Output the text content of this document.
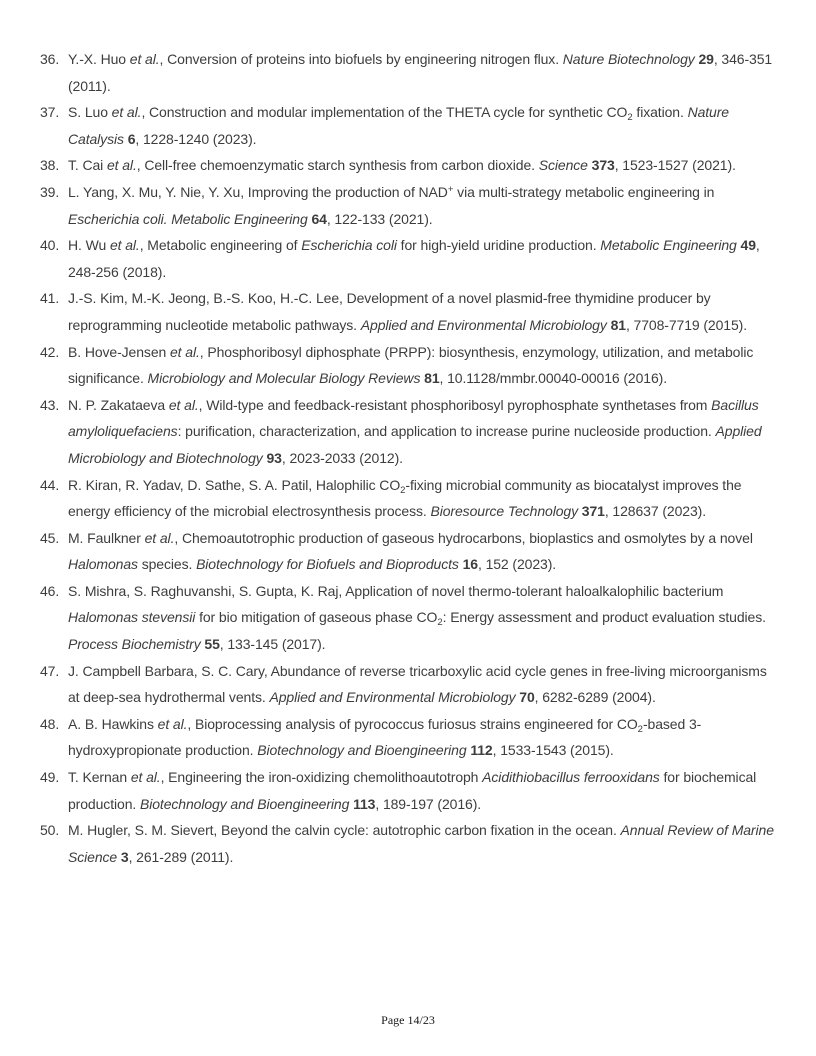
36. Y.-X. Huo et al., Conversion of proteins into biofuels by engineering nitrogen flux. Nature Biotechnology 29, 346-351 (2011).
37. S. Luo et al., Construction and modular implementation of the THETA cycle for synthetic $CO_2$ fixation. Nature Catalysis 6, 1228-1240 (2023).
38. T. Cai et al., Cell-free chemoenzymatic starch synthesis from carbon dioxide. Science 373, 1523-1527 (2021).
39. L. Yang, X. Mu, Y. Nie, Y. Xu, Improving the production of NAD+ via multi-strategy metabolic engineering in Escherichia coli. Metabolic Engineering 64, 122-133 (2021).
40. H. Wu et al., Metabolic engineering of Escherichia coli for high-yield uridine production. Metabolic Engineering 49, 248-256 (2018).
41. J.-S. Kim, M.-K. Jeong, B.-S. Koo, H.-C. Lee, Development of a novel plasmid-free thymidine producer by reprogramming nucleotide metabolic pathways. Applied and Environmental Microbiology 81, 7708-7719 (2015).
42. B. Hove-Jensen et al., Phosphoribosyl diphosphate (PRPP): biosynthesis, enzymology, utilization, and metabolic significance. Microbiology and Molecular Biology Reviews 81, 10.1128/mmbr.00040-00016 (2016).
43. N. P. Zakataeva et al., Wild-type and feedback-resistant phosphoribosyl pyrophosphate synthetases from Bacillus amyloliquefaciens: purification, characterization, and application to increase purine nucleoside production. Applied Microbiology and Biotechnology 93, 2023-2033 (2012).
44. R. Kiran, R. Yadav, D. Sathe, S. A. Patil, Halophilic $CO_2$-fixing microbial community as biocatalyst improves the energy efficiency of the microbial electrosynthesis process. Bioresource Technology 371, 128637 (2023).
45. M. Faulkner et al., Chemoautotrophic production of gaseous hydrocarbons, bioplastics and osmolytes by a novel Halomonas species. Biotechnology for Biofuels and Bioproducts 16, 152 (2023).
46. S. Mishra, S. Raghuvanshi, S. Gupta, K. Raj, Application of novel thermo-tolerant haloalkalophilic bacterium Halomonas stevensii for bio mitigation of gaseous phase $CO_2$: Energy assessment and product evaluation studies. Process Biochemistry 55, 133-145 (2017).
47. J. Campbell Barbara, S. C. Cary, Abundance of reverse tricarboxylic acid cycle genes in free-living microorganisms at deep-sea hydrothermal vents. Applied and Environmental Microbiology 70, 6282-6289 (2004).
48. A. B. Hawkins et al., Bioprocessing analysis of pyrococcus furiosus strains engineered for $CO_2$-based 3-hydroxypropionate production. Biotechnology and Bioengineering 112, 1533-1543 (2015).
49. T. Kernan et al., Engineering the iron-oxidizing chemolithoautotroph Acidithiobacillus ferrooxidans for biochemical production. Biotechnology and Bioengineering 113, 189-197 (2016).
50. M. Hugler, S. M. Sievert, Beyond the calvin cycle: autotrophic carbon fixation in the ocean. Annual Review of Marine Science 3, 261-289 (2011).
Page 14/23
